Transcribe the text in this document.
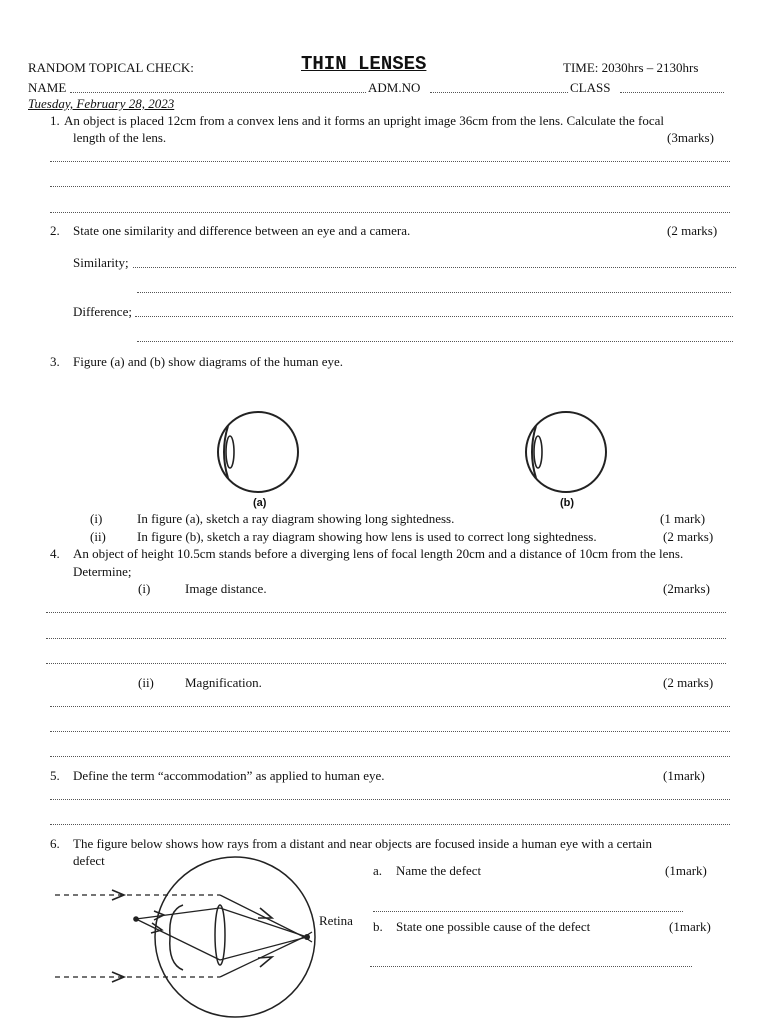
RANDOM TOPICAL CHECK:	THIN LENSES	TIME: 2030hrs – 2130hrs
NAME	ADM.NO	CLASS
Tuesday, February 28, 2023
1. An object is placed 12cm from a convex lens and it forms an upright image 36cm from the lens. Calculate the focal
length of the lens.	(3marks)
2. State one similarity and difference between an eye and a camera.	(2 marks)
Similarity;
Difference;
3. Figure (a) and (b) show diagrams of the human eye.
(a)	(b)
(i)	In figure (a), sketch a ray diagram showing long sightedness.	(1 mark)
(ii) In figure (b), sketch a ray diagram showing how lens is used to correct long sightedness.	(2 marks)
4. An object of height 10.5cm stands before a diverging lens of focal length 20cm and a distance of 10cm from the lens.
Determine;
(i)	Image distance.	(2marks)
(ii) Magnification.	(2 marks)
5. Define the term “accommodation” as applied to human eye.	(1mark)
6. The figure below shows how rays from a distant and near objects are focused inside a human eye with a certain
defect
Retina
a. Name the defect	(1mark)
b. State one possible cause of the defect	(1mark)
